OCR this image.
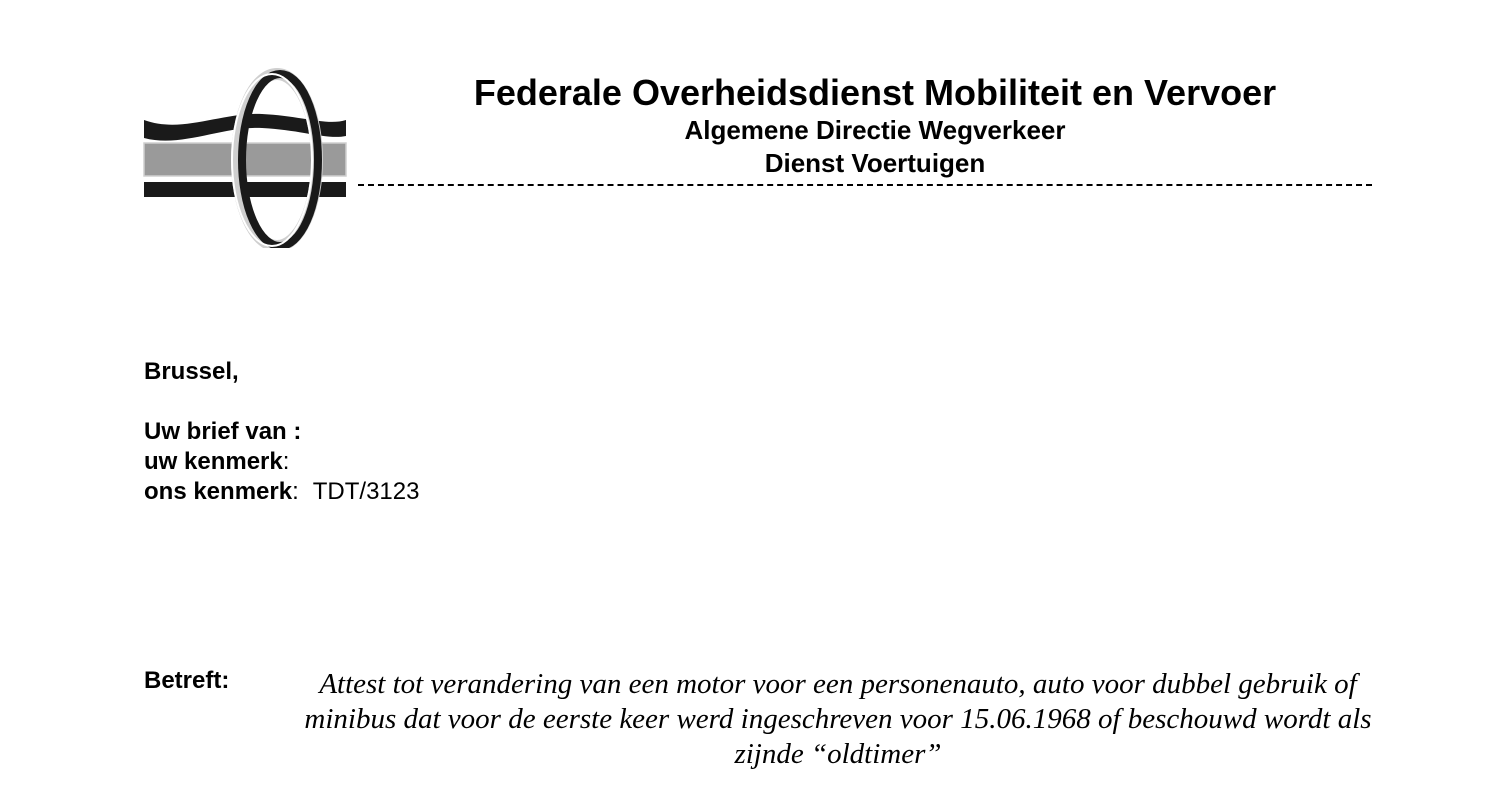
Federale Overheidsdienst Mobiliteit en Vervoer
Algemene Directie Wegverkeer
Dienst Voertuigen
Brussel,
Uw brief van :
uw kenmerk:
ons kenmerk: TDT/3123
Betreft:	Attest tot verandering van een motor voor een personenauto, auto voor dubbel gebruik of minibus dat voor de eerste keer werd ingeschreven voor 15.06.1968 of beschouwd wordt als zijnde “oldtimer”
